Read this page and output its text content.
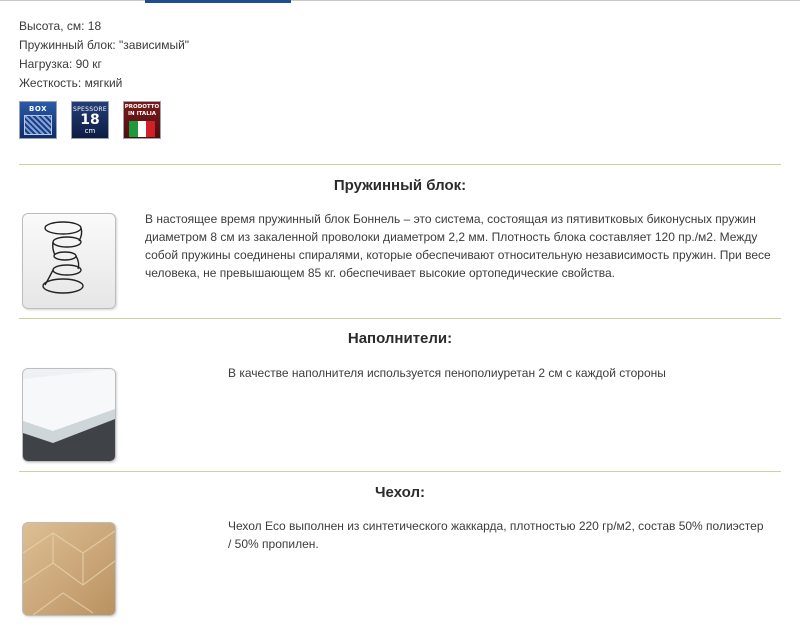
Высота, см: 18
Пружинный блок: "зависимый"
Нагрузка: 90 кг
Жесткость: мягкий
BOX	SPESSORE
18
cm
PRODOTTO
IN ITALIA
Пружинный блок:
В настоящее время пружинный блок Боннель – это система, состоящая из пятивитковых биконусных пружин диаметром 8 см из закаленной проволоки диаметром 2,2 мм. Плотность блока составляет 120 пр./м2. Между собой пружины соединены спиралями, которые обеспечивают относительную независимость пружин. При весе человека, не превышающем 85 кг. обеспечивает высокие ортопедические свойства.
Наполнители:
В качестве наполнителя используется пенополиуретан 2 см с каждой стороны
Чехол:
Чехол Eco выполнен из синтетического жаккарда, плотностью 220 гр/м2, состав 50% полиэстер / 50% пропилен.
